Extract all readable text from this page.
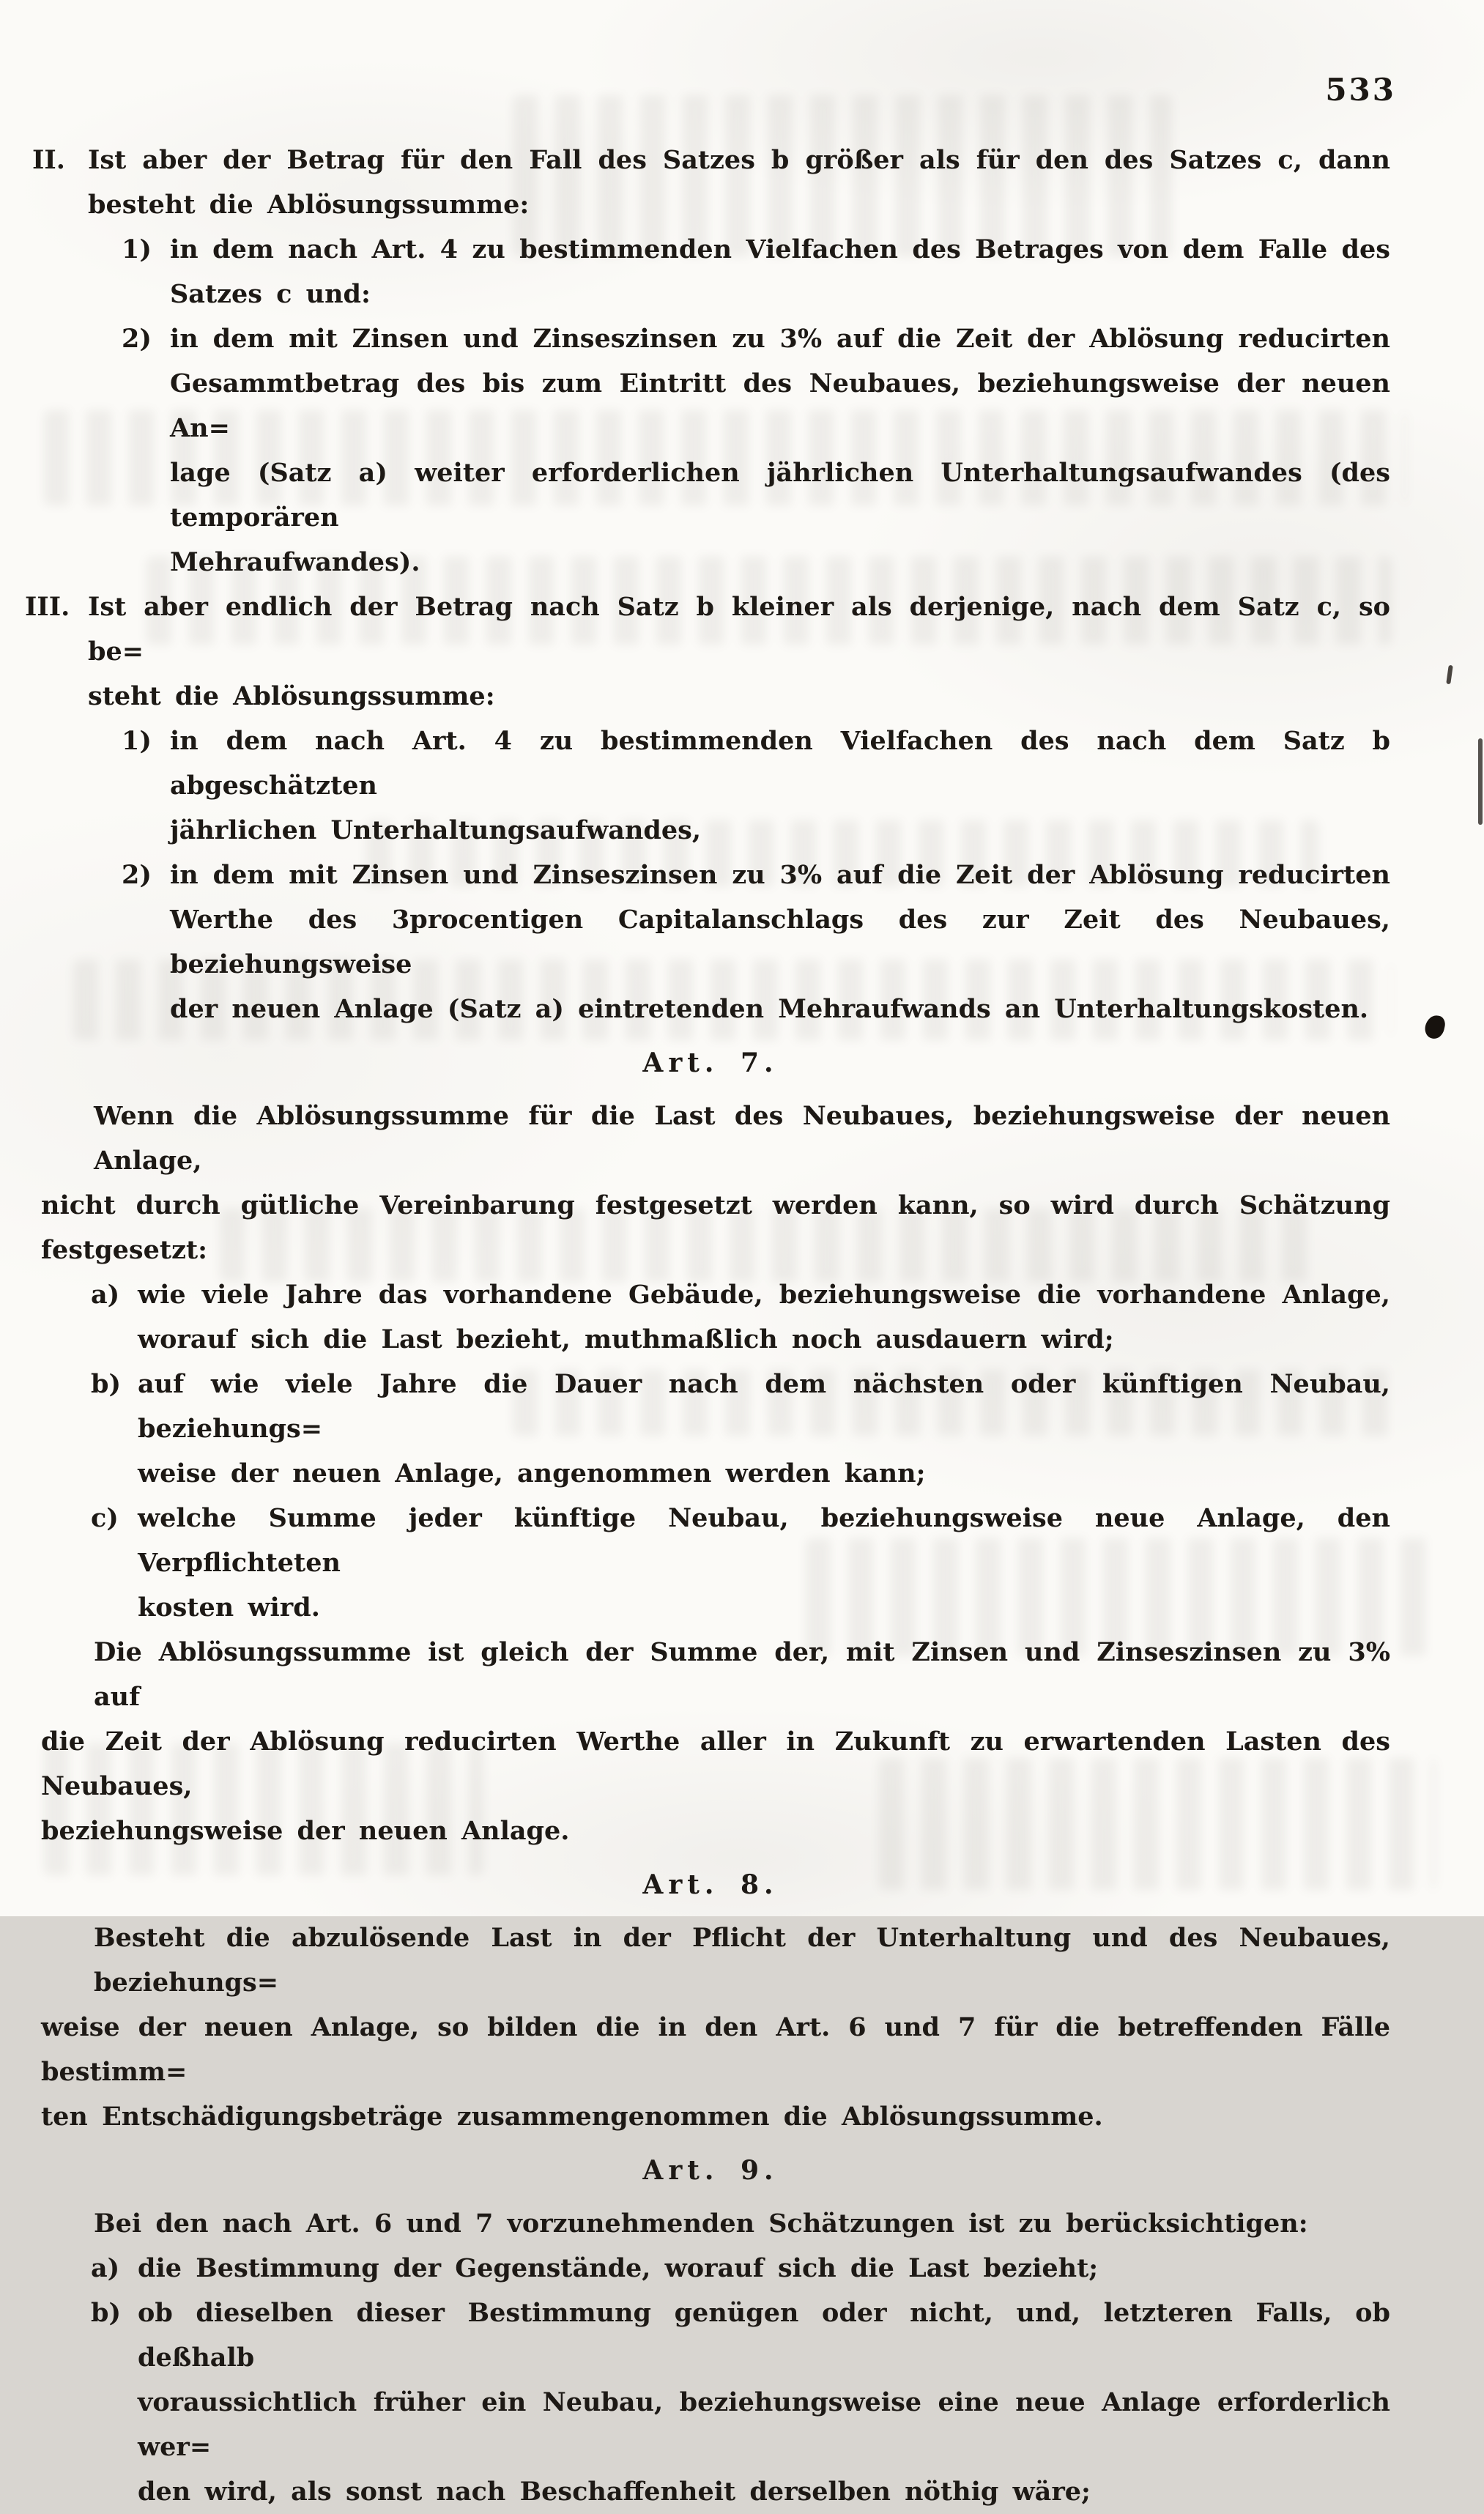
533
II. Ist aber der Betrag für den Fall des Satzes b größer als für den des Satzes c, dann
besteht die Ablösungssumme:
1) in dem nach Art. 4 zu bestimmenden Vielfachen des Betrages von dem Falle des
Satzes c und:
2) in dem mit Zinsen und Zinseszinsen zu 3% auf die Zeit der Ablösung reducirten
Gesammtbetrag des bis zum Eintritt des Neubaues, beziehungsweise der neuen An=
lage (Satz a) weiter erforderlichen jährlichen Unterhaltungsaufwandes (des temporären
Mehraufwandes).
III. Ist aber endlich der Betrag nach Satz b kleiner als derjenige, nach dem Satz c, so be=
steht die Ablösungssumme:
1) in dem nach Art. 4 zu bestimmenden Vielfachen des nach dem Satz b abgeschätzten
jährlichen Unterhaltungsaufwandes,
2) in dem mit Zinsen und Zinseszinsen zu 3% auf die Zeit der Ablösung reducirten
Werthe des 3procentigen Capitalanschlags des zur Zeit des Neubaues, beziehungsweise
der neuen Anlage (Satz a) eintretenden Mehraufwands an Unterhaltungskosten.
Art. 7.
Wenn die Ablösungssumme für die Last des Neubaues, beziehungsweise der neuen Anlage,
nicht durch gütliche Vereinbarung festgesetzt werden kann, so wird durch Schätzung festgesetzt:
a) wie viele Jahre das vorhandene Gebäude, beziehungsweise die vorhandene Anlage,
worauf sich die Last bezieht, muthmaßlich noch ausdauern wird;
b) auf wie viele Jahre die Dauer nach dem nächsten oder künftigen Neubau, beziehungs=
weise der neuen Anlage, angenommen werden kann;
c) welche Summe jeder künftige Neubau, beziehungsweise neue Anlage, den Verpflichteten
kosten wird.
Die Ablösungssumme ist gleich der Summe der, mit Zinsen und Zinseszinsen zu 3% auf
die Zeit der Ablösung reducirten Werthe aller in Zukunft zu erwartenden Lasten des Neubaues,
beziehungsweise der neuen Anlage.
Art. 8.
Besteht die abzulösende Last in der Pflicht der Unterhaltung und des Neubaues, beziehungs=
weise der neuen Anlage, so bilden die in den Art. 6 und 7 für die betreffenden Fälle bestimm=
ten Entschädigungsbeträge zusammengenommen die Ablösungssumme.
Art. 9.
Bei den nach Art. 6 und 7 vorzunehmenden Schätzungen ist zu berücksichtigen:
a) die Bestimmung der Gegenstände, worauf sich die Last bezieht;
b) ob dieselben dieser Bestimmung genügen oder nicht, und, letzteren Falls, ob deßhalb
voraussichtlich früher ein Neubau, beziehungsweise eine neue Anlage erforderlich wer=
den wird, als sonst nach Beschaffenheit derselben nöthig wäre;
